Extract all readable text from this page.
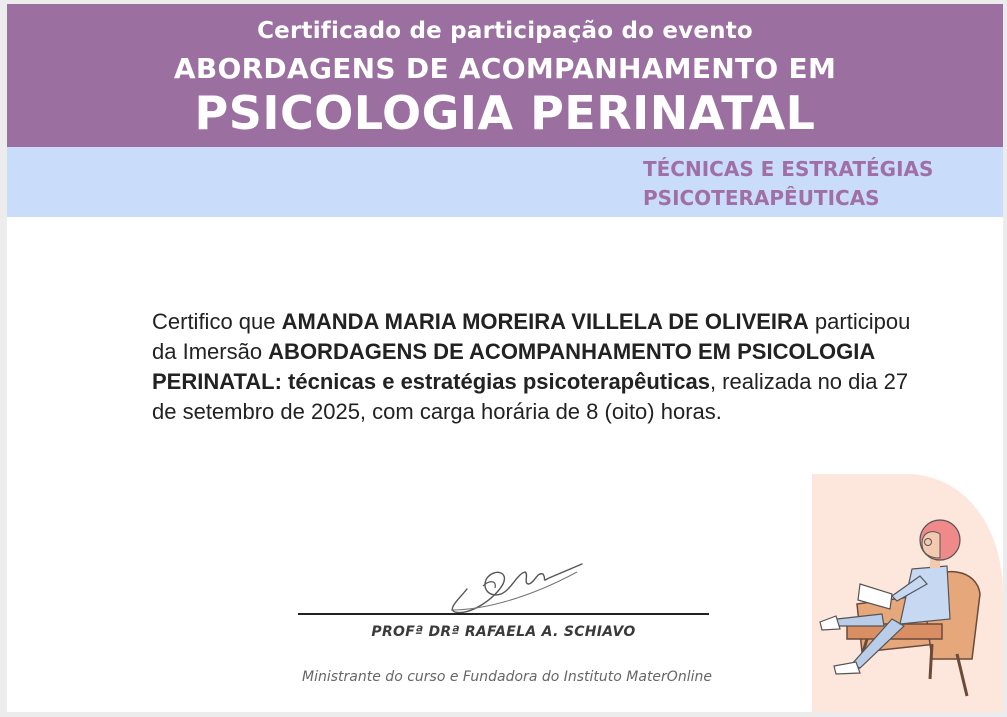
Certificado de participação do evento
ABORDAGENS DE ACOMPANHAMENTO EM
PSICOLOGIA PERINATAL

TÉCNICAS E ESTRATÉGIAS
PSICOTERAPÊUTICAS

Certifico que AMANDA MARIA MOREIRA VILLELA DE OLIVEIRA participou da Imersão ABORDAGENS DE ACOMPANHAMENTO EM PSICOLOGIA PERINATAL: técnicas e estratégias psicoterapêuticas, realizada no dia 27 de setembro de 2025, com carga horária de 8 (oito) horas.

PROFª DRª RAFAELA A. SCHIAVO
Ministrante do curso e Fundadora do Instituto MaterOnline
